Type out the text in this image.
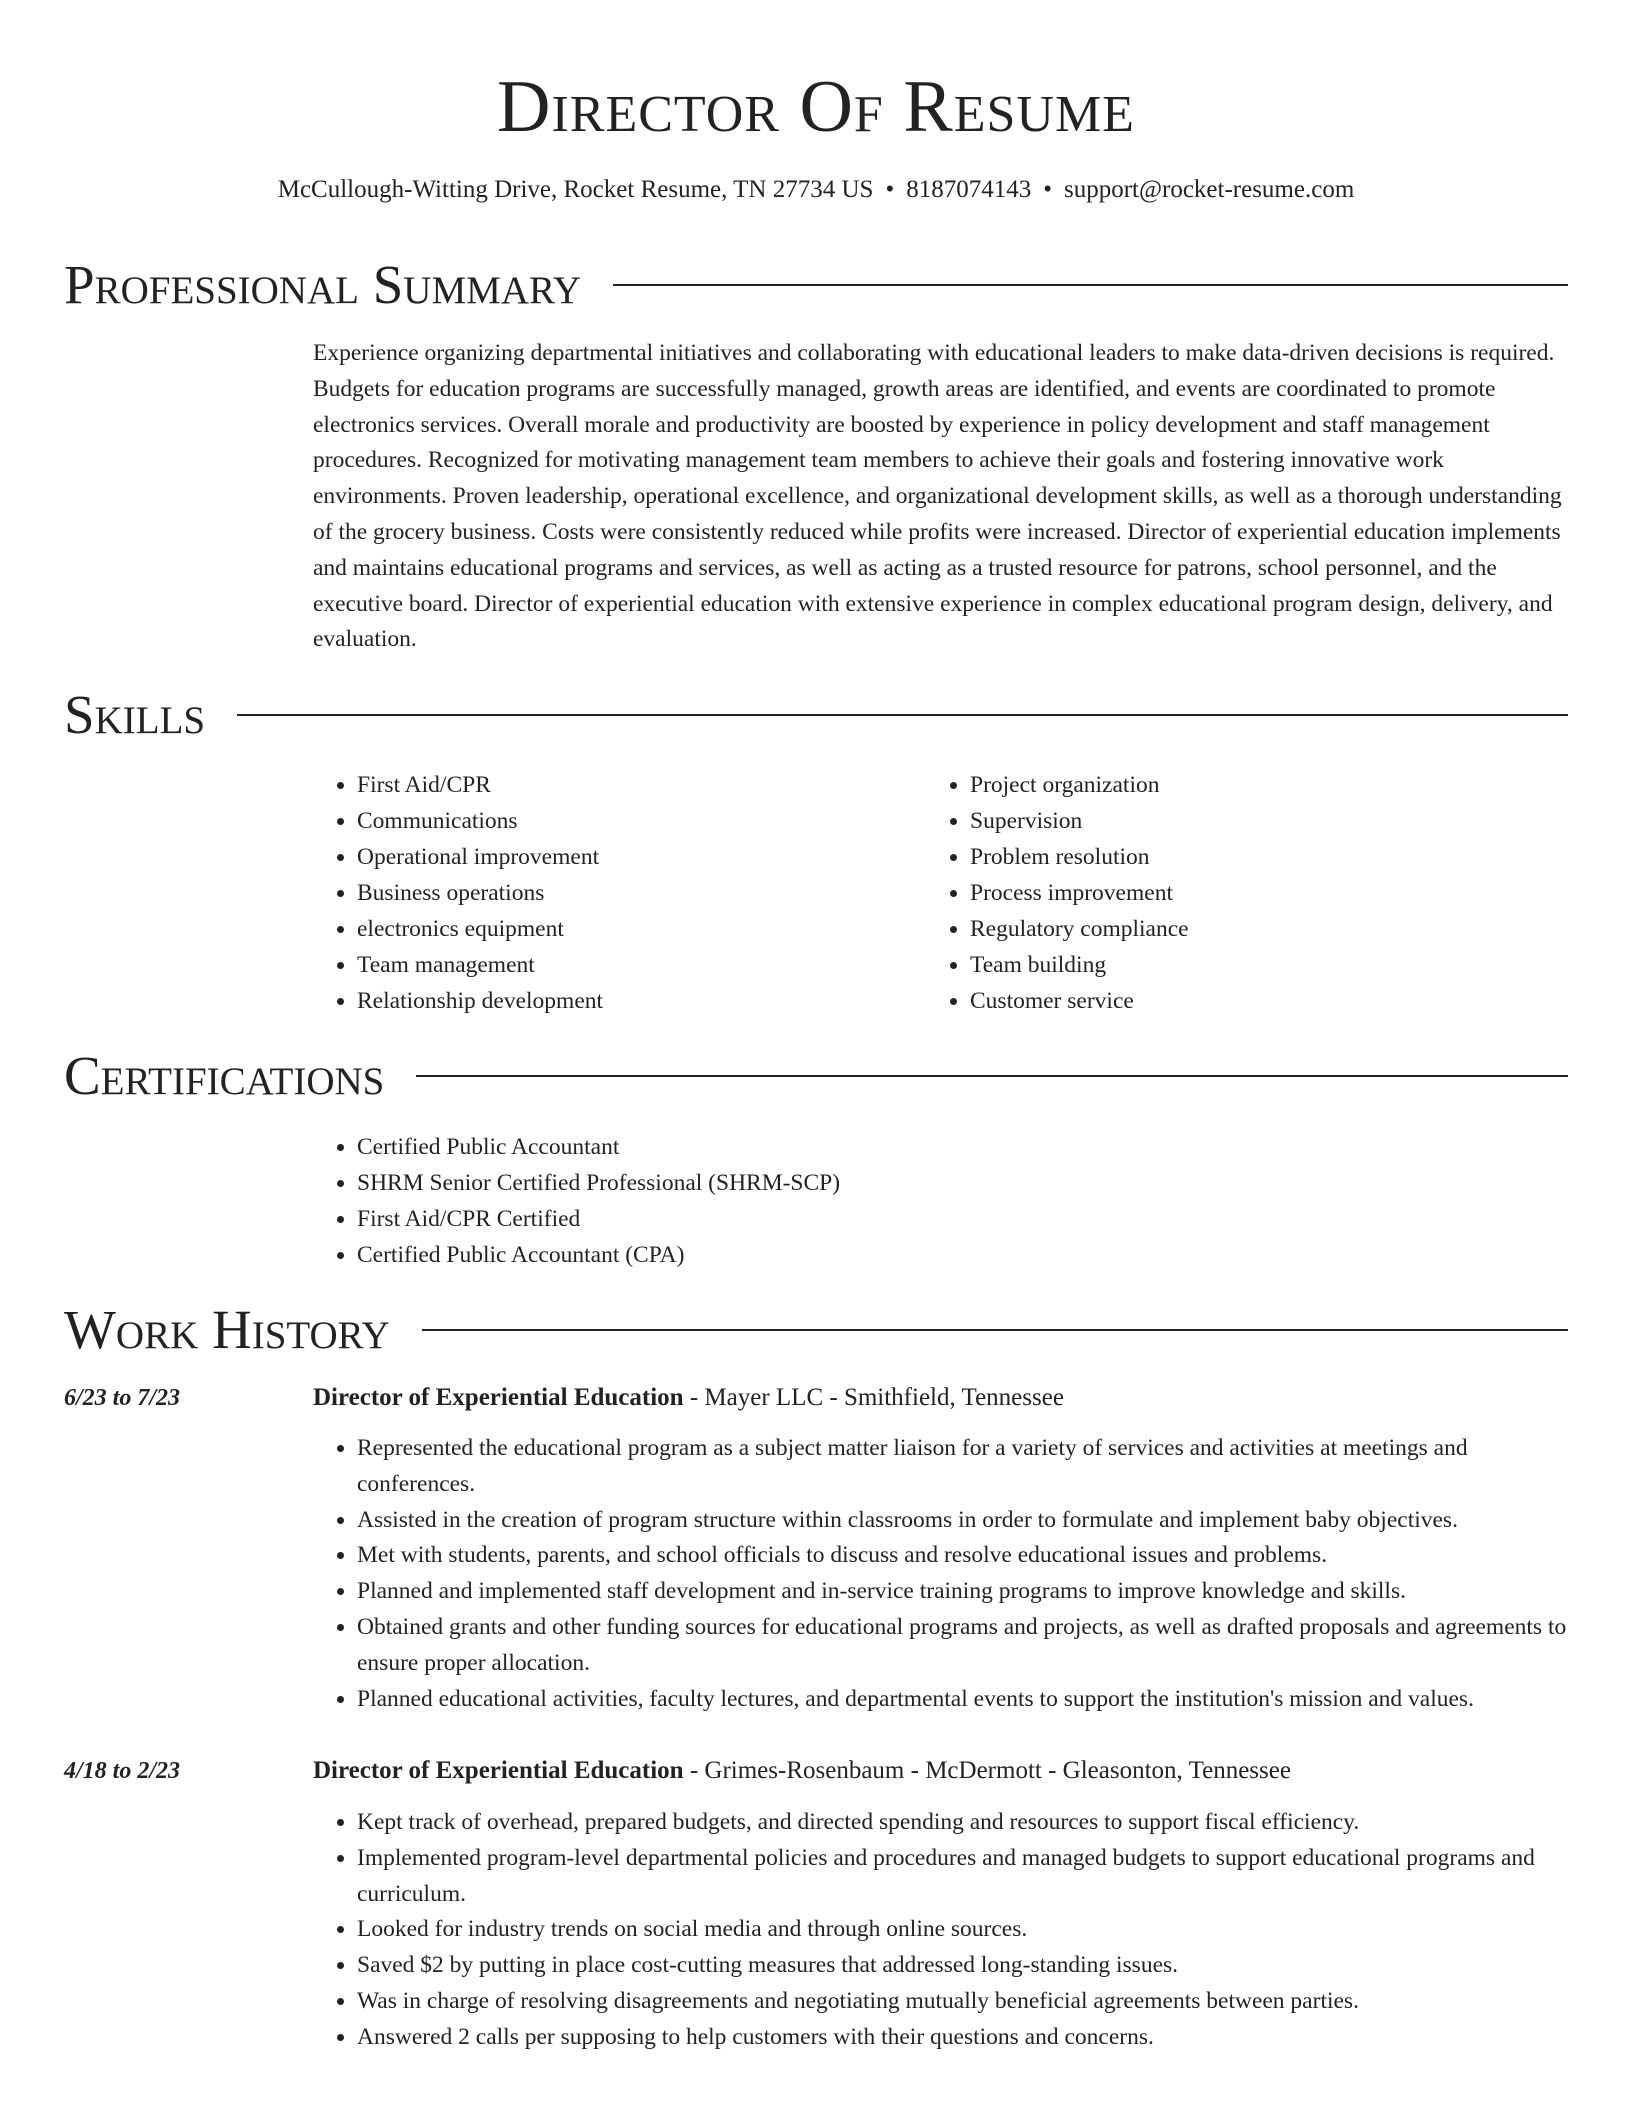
Director Of Resume
McCullough-Witting Drive, Rocket Resume, TN 27734 US • 8187074143 • support@rocket-resume.com
Professional Summary

Experience organizing departmental initiatives and collaborating with educational leaders to make data-driven decisions is required. Budgets for education programs are successfully managed, growth areas are identified, and events are coordinated to promote electronics services. Overall morale and productivity are boosted by experience in policy development and staff management procedures. Recognized for motivating management team members to achieve their goals and fostering innovative work environments. Proven leadership, operational excellence, and organizational development skills, as well as a thorough understanding of the grocery business. Costs were consistently reduced while profits were increased. Director of experiential education implements and maintains educational programs and services, as well as acting as a trusted resource for patrons, school personnel, and the executive board. Director of experiential education with extensive experience in complex educational program design, delivery, and evaluation.

Skills
• First Aid/CPR
• Communications
• Operational improvement
• Business operations
• electronics equipment
• Team management
• Relationship development
• Project organization
• Supervision
• Problem resolution
• Process improvement
• Regulatory compliance
• Team building
• Customer service
Certifications
• Certified Public Accountant
• SHRM Senior Certified Professional (SHRM-SCP)
• First Aid/CPR Certified
• Certified Public Accountant (CPA)
Work History
6/23 to 7/23	Director of Experiential Education - Mayer LLC - Smithfield, Tennessee
• Represented the educational program as a subject matter liaison for a variety of services and activities at meetings and conferences.
• Assisted in the creation of program structure within classrooms in order to formulate and implement baby objectives.
• Met with students, parents, and school officials to discuss and resolve educational issues and problems.
• Planned and implemented staff development and in-service training programs to improve knowledge and skills.
• Obtained grants and other funding sources for educational programs and projects, as well as drafted proposals and agreements to ensure proper allocation.
• Planned educational activities, faculty lectures, and departmental events to support the institution's mission and values.
4/18 to 2/23	Director of Experiential Education - Grimes-Rosenbaum - McDermott - Gleasonton, Tennessee
• Kept track of overhead, prepared budgets, and directed spending and resources to support fiscal efficiency.
• Implemented program-level departmental policies and procedures and managed budgets to support educational programs and curriculum.
• Looked for industry trends on social media and through online sources.
• Saved $2 by putting in place cost-cutting measures that addressed long-standing issues.
• Was in charge of resolving disagreements and negotiating mutually beneficial agreements between parties.
• Answered 2 calls per supposing to help customers with their questions and concerns.
